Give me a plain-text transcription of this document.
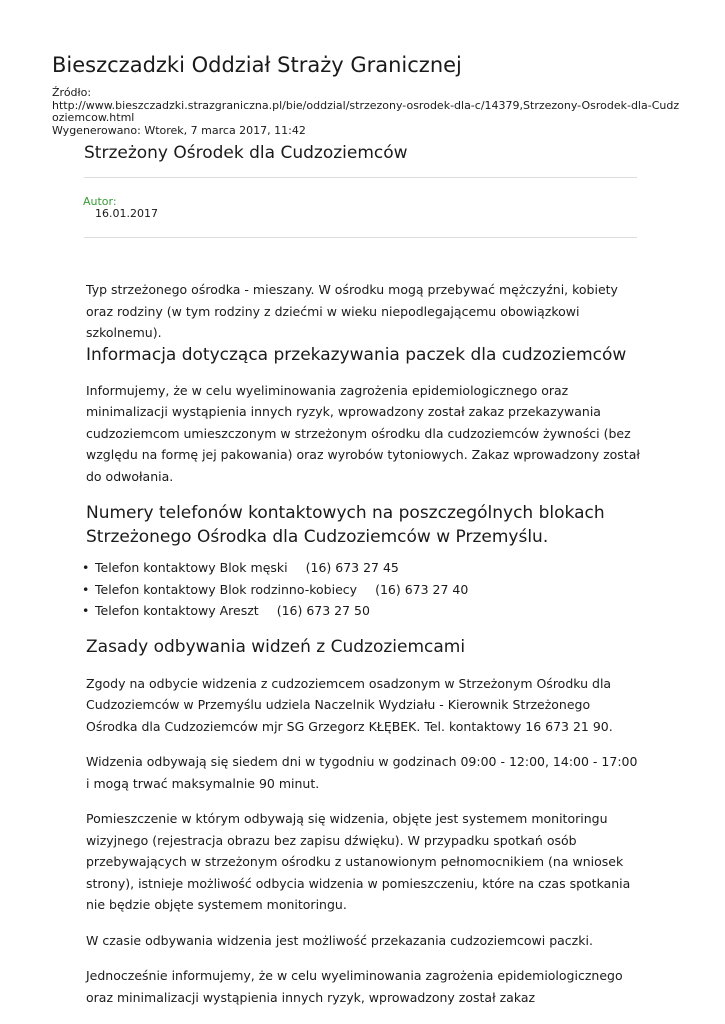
Bieszczadzki Oddział Straży Granicznej
Źródło:
http://www.bieszczadzki.strazgraniczna.pl/bie/oddzial/strzezony-osrodek-dla-c/14379,Strzezony-Osrodek-dla-Cudz
oziemcow.html
Wygenerowano: Wtorek, 7 marca 2017, 11:42
Strzeżony Ośrodek dla Cudzoziemców
Autor:
16.01.2017

Typ strzeżonego ośrodka - mieszany. W ośrodku mogą przebywać mężczyźni, kobiety oraz rodziny (w tym rodziny z dziećmi w wieku niepodlegającemu obowiązkowi szkolnemu).

Informacja dotycząca przekazywania paczek dla cudzoziemców

Informujemy, że w celu wyeliminowania zagrożenia epidemiologicznego oraz minimalizacji wystąpienia innych ryzyk, wprowadzony został zakaz przekazywania cudzoziemcom umieszczonym w strzeżonym ośrodku dla cudzoziemców żywności (bez względu na formę jej pakowania) oraz wyrobów tytoniowych. Zakaz wprowadzony został do odwołania.

Numery telefonów kontaktowych na poszczególnych blokach Strzeżonego Ośrodka dla Cudzoziemców w Przemyślu.
• Telefon kontaktowy Blok męski (16) 673 27 45
• Telefon kontaktowy Blok rodzinno-kobiecy (16) 673 27 40
• Telefon kontaktowy Areszt (16) 673 27 50
Zasady odbywania widzeń z Cudzoziemcami

Zgody na odbycie widzenia z cudzoziemcem osadzonym w Strzeżonym Ośrodku dla Cudzoziemców w Przemyślu udziela Naczelnik Wydziału - Kierownik Strzeżonego Ośrodka dla Cudzoziemców mjr SG Grzegorz KŁĘBEK. Tel. kontaktowy 16 673 21 90.

Widzenia odbywają się siedem dni w tygodniu w godzinach 09:00 - 12:00, 14:00 - 17:00 i mogą trwać maksymalnie 90 minut.

Pomieszczenie w którym odbywają się widzenia, objęte jest systemem monitoringu wizyjnego (rejestracja obrazu bez zapisu dźwięku). W przypadku spotkań osób przebywających w strzeżonym ośrodku z ustanowionym pełnomocnikiem (na wniosek strony), istnieje możliwość odbycia widzenia w pomieszczeniu, które na czas spotkania nie będzie objęte systemem monitoringu.

W czasie odbywania widzenia jest możliwość przekazania cudzoziemcowi paczki.

Jednocześnie informujemy, że w celu wyeliminowania zagrożenia epidemiologicznego oraz minimalizacji wystąpienia innych ryzyk, wprowadzony został zakaz
